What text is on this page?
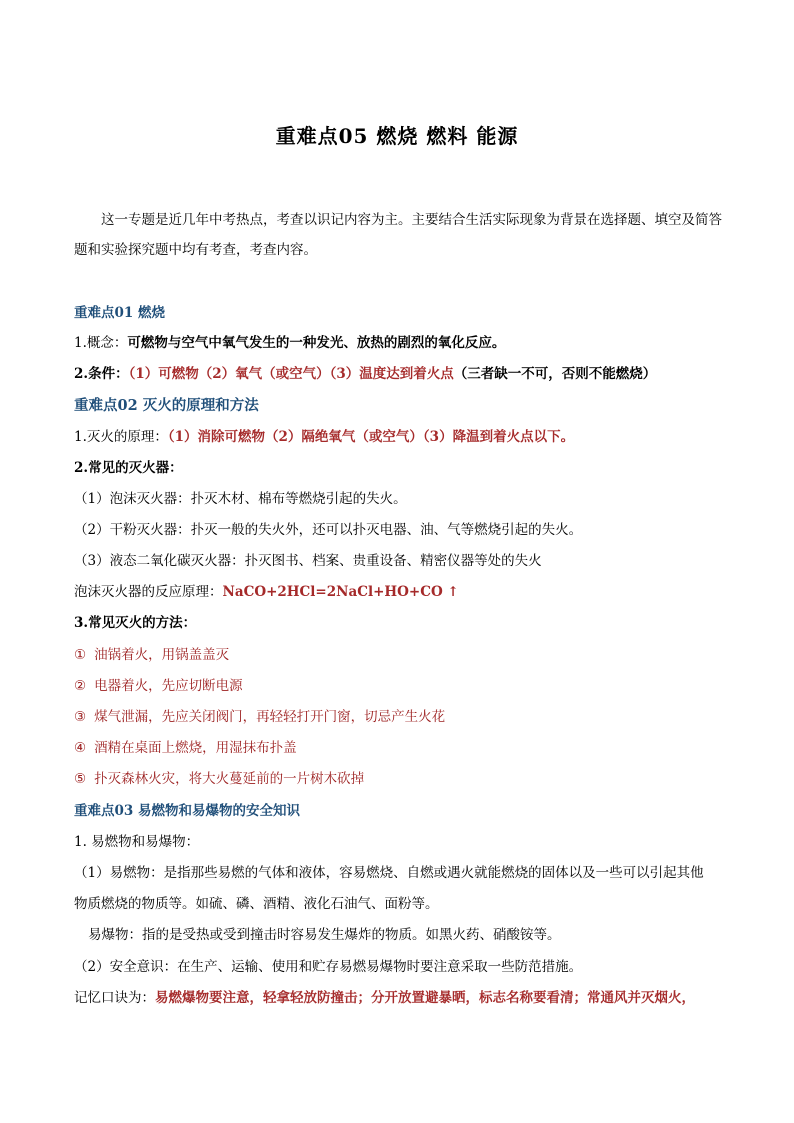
重难点05 燃烧 燃料 能源
这一专题是近几年中考热点，考查以识记内容为主。主要结合生活实际现象为背景在选择题、填空及简答题和实验探究题中均有考查，考查内容。
重难点01 燃烧
1.概念：可燃物与空气中氧气发生的一种发光、放热的剧烈的氧化反应。
2.条件：（1）可燃物（2）氧气（或空气）（3）温度达到着火点（三者缺一不可，否则不能燃烧）
重难点02 灭火的原理和方法
1.灭火的原理：（1）消除可燃物（2）隔绝氧气（或空气）（3）降温到着火点以下。
2.常见的灭火器：
（1）泡沫灭火器：扑灭木材、棉布等燃烧引起的失火。
（2）干粉灭火器：扑灭一般的失火外，还可以扑灭电器、油、气等燃烧引起的失火。
（3）液态二氧化碳灭火器：扑灭图书、档案、贵重设备、精密仪器等处的失火
泡沫灭火器的反应原理：NaCO+2HCl=2NaCl+HO+CO ↑
3.常见灭火的方法：
① 油锅着火，用锅盖盖灭
② 电器着火，先应切断电源
③ 煤气泄漏，先应关闭阀门，再轻轻打开门窗，切忌产生火花
④ 酒精在桌面上燃烧，用湿抹布扑盖
⑤ 扑灭森林火灾，将大火蔓延前的一片树木砍掉
重难点03 易燃物和易爆物的安全知识
1. 易燃物和易爆物：
（1）易燃物：是指那些易燃的气体和液体，容易燃烧、自燃或遇火就能燃烧的固体以及一些可以引起其他
物质燃烧的物质等。如硫、磷、酒精、液化石油气、面粉等。
易爆物：指的是受热或受到撞击时容易发生爆炸的物质。如黑火药、硝酸铵等。
（2）安全意识：在生产、运输、使用和贮存易燃易爆物时要注意采取一些防范措施。
记忆口诀为：易燃爆物要注意，轻拿轻放防撞击；分开放置避暴晒，标志名称要看清；常通风并灭烟火，
